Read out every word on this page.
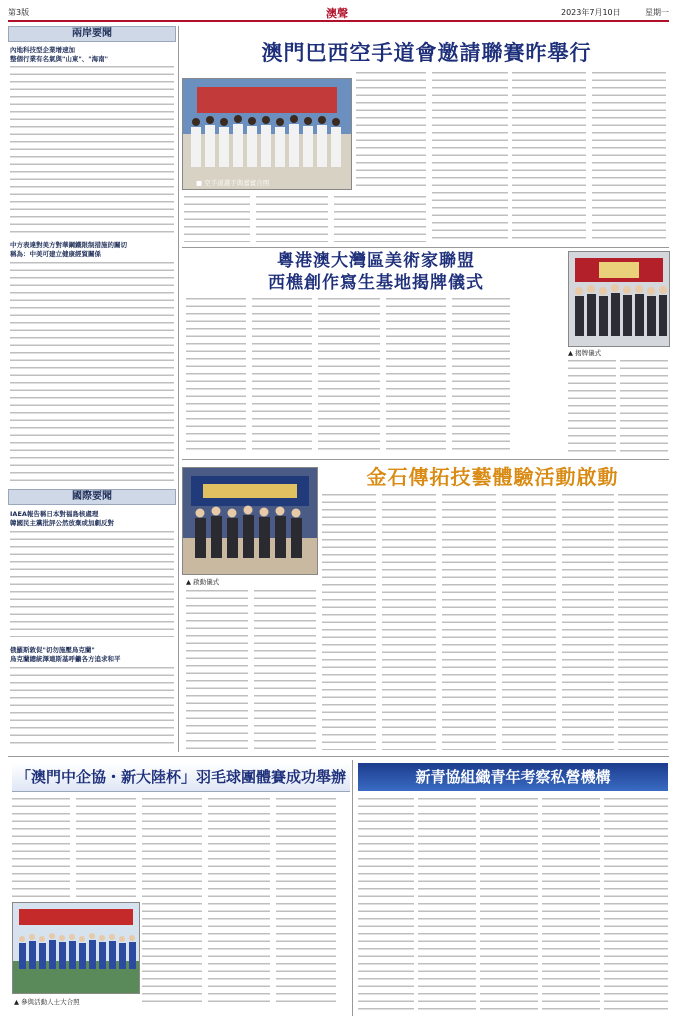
第3版	澳聲	2023年7月10日	星期一
兩岸要聞
內地科技型企業增速加
整個行業有名氣與"山東"、"海南"
中方表達對美方對華鋼鐵限制措施的關切
稱為：中美可建立健康經貿關係
國際要聞
IAEA報告稱日本對福島核處理
韓國民主黨批評公然放棄或加劇反對
俄羅斯敦促"切勿施壓烏克蘭"
烏克蘭總統澤連斯基呼籲各方追求和平
澳門巴西空手道會邀請聯賽昨舉行
■ 空手道選手與嘉賓合照
粵港澳大灣區美術家聯盟
西樵創作寫生基地揭牌儀式
▲ 揭牌儀式
金石傳拓技藝體驗活動啟動
▲ 啟動儀式
「澳門中企協・新大陸杯」羽毛球團體賽成功舉辦
▲ 參與活動人士大合照
新青協組織青年考察私營機構
